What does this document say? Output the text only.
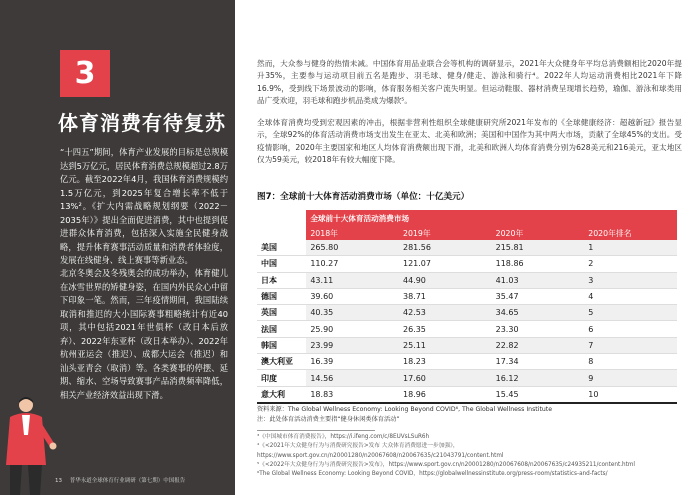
3
体育消费有待复苏
“十四五”期间，体育产业发展的目标是总规模达到5万亿元，居民体育消费总规模超过2.8万亿元。截至2022年4月，我国体育消费规模约1.5万亿元，到2025年复合增长率不低于13%²。《扩大内需战略规划纲要（2022－2035年）》提出全面促进消费，其中也提到促进群众体育消费，包括深入实施全民健身战略，提升体育赛事活动质量和消费者体验度，发展在线健身、线上赛事等新业态。
北京冬奥会及冬残奥会的成功举办，体育健儿在冰雪世界的矫健身姿，在国内外民众心中留下印象一笔。然而，三年疫情期间，我国陆续取消和推迟的大小国际赛事粗略统计有近40项，其中包括2021年世俱杯（改日本后放弃）、2022年东亚杯（改日本举办）、2022年杭州亚运会（推迟）、成都大运会（推迟）和汕头亚青会（取消）等。各类赛事的停摆、延期、缩水、空场导致赛事产品消费频率降低，相关产业经济效益出现下滑。
13 普华永道全球体育行业调研（第七期）中国报告
然而，大众参与健身的热情未减。中国体育用品业联合会等机构的调研显示，2021年大众健身年平均总消费额相比2020年提升35%，主要参与运动项目前五名是跑步、羽毛球、健身/健走、游泳和骑行⁴。2022年人均运动消费相比2021年下降16.9%，受到线下场景波动的影响，体育服务相关客户流失明显。但运动鞋服、器材消费呈现增长趋势，瑜伽、游泳和球类用品广受欢迎，羽毛球和跑步机品类成为爆款⁵。
全球体育消费均受到宏观因素的冲击，根据非营利性组织全球健康研究所2021年发布的《全球健康经济：超越新冠》报告显示，全球92%的体育活动消费市场支出发生在亚太、北美和欧洲；美国和中国作为其中两大市场，贡献了全球45%的支出。受疫情影响，2020年主要国家和地区人均体育消费额出现下滑，北美和欧洲人均体育消费分别为628美元和216美元，亚太地区仅为59美元，较2018年有较大幅度下降。
图7：全球前十大体育活动消费市场（单位：十亿美元）
	全球前十大体育活动消费市场			
	2018年	2019年	2020年	2020年排名
美国	265.80	281.56	215.81	1
中国	110.27	121.07	118.86	2
日本	43.11	44.90	41.03	3
德国	39.60	38.71	35.47	4
英国	40.35	42.53	34.65	5
法国	25.90	26.35	23.30	6
韩国	23.99	25.11	22.82	7
澳大利亚	16.39	18.23	17.34	8
印度	14.56	17.60	16.12	9
意大利	18.83	18.96	15.45	10
资料来源：The Global Wellness Economy: Looking Beyond COVID⁶, The Global Wellness Institute
注：此处体育活动消费主要指“健身休闲类体育活动”
³《中国城市体育消费报告》，https://i.ifeng.com/c/8EUVsLSuR6h
⁴《<2021年大众健身行为与消费研究报告>发布 大众体育消费愿进一步加强》，
https://www.sport.gov.cn/n20001280/n20067608/n20067635/c21043791/content.html
⁵《<2022年大众健身行为与消费研究报告>发布》，https://www.sport.gov.cn/n20001280/n20067608/n20067635/c24935211/content.html
⁶The Global Wellness Economy: Looking Beyond COVID，https://globalwellnessinstitute.org/press-room/statistics-and-facts/
